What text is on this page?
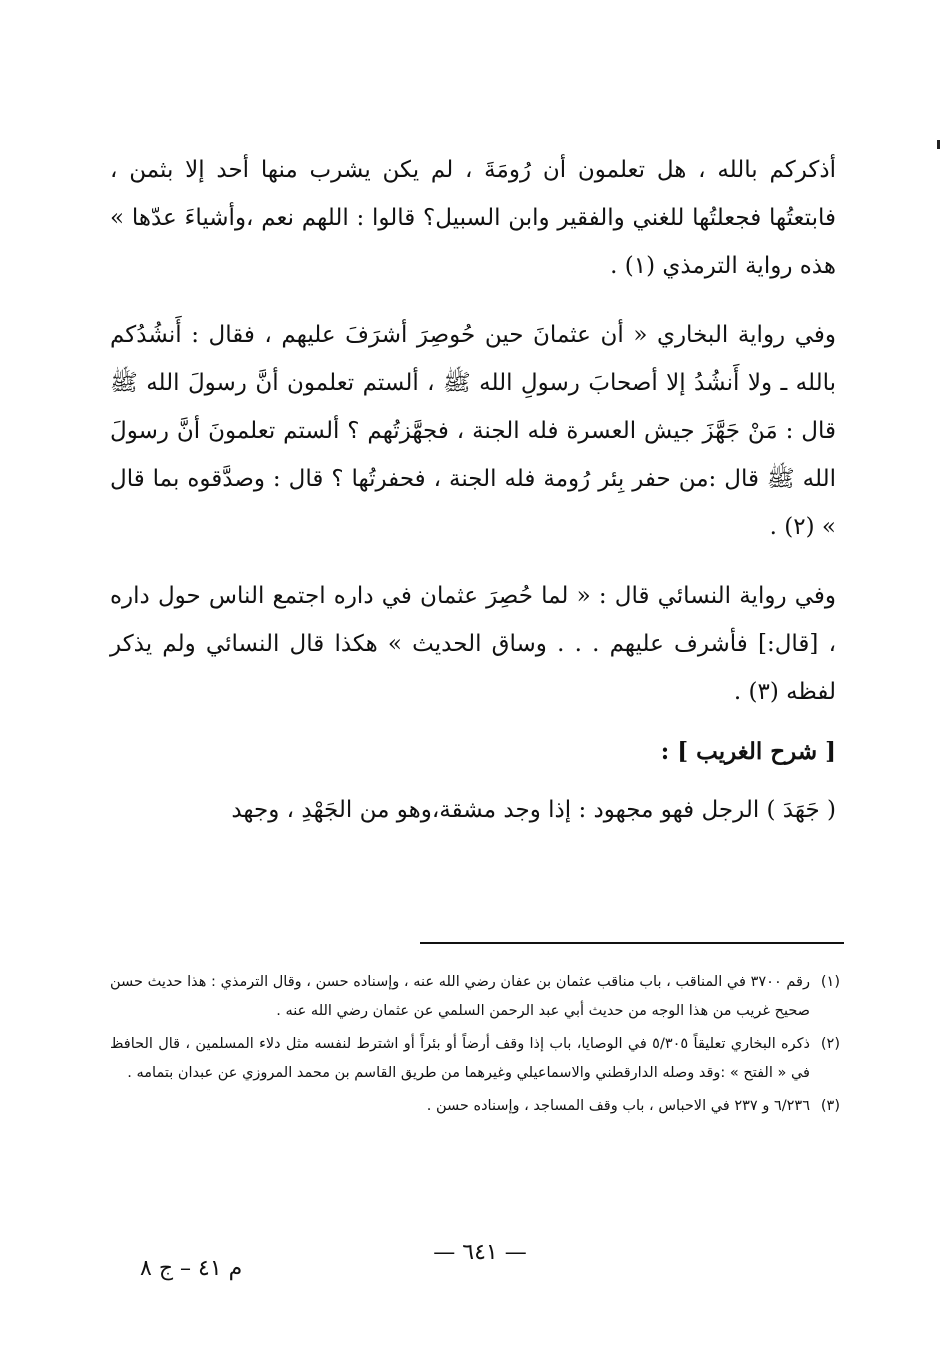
أذكركم بالله ، هل تعلمون أن رُومَةَ ، لم يكن يشرب منها أحد إلا بثمن ، فابتعتُها فجعلتُها للغني والفقير وابن السبيل؟ قالوا : اللهم نعم ،وأشياءَ عدّها » هذه رواية الترمذي (١) .

وفي رواية البخاري « أن عثمانَ حين حُوصِرَ أشرَفَ عليهم ، فقال : أَنشُدُكم بالله ـ ولا أَنشُدُ إلا أصحابَ رسولِ الله ﷺ ، ألستم تعلمون أنَّ رسولَ الله ﷺ قال : مَنْ جَهَّزَ جيش العسرة فله الجنة ، فجهَّزتُهم ؟ ألستم تعلمونَ أنَّ رسولَ الله ﷺ قال :من حفر بِئر رُومة فله الجنة ، فحفرتُها ؟ قال : وصدَّقوه بما قال » (٢) .

وفي رواية النسائي قال : « لما حُصِرَ عثمان في داره اجتمع الناس حول داره ، [قال:] فأشرف عليهم . . . وساق الحديث » هكذا قال النسائي ولم يذكر لفظه (٣) .

[ شرح الغريب ] :

( جَهَدَ ) الرجل فهو مجهود : إذا وجد مشقة،وهو من الجَهْدِ ، وجهد

(١)
رقم ٣٧٠٠ في المناقب ، باب مناقب عثمان بن عفان رضي الله عنه ، وإسناده حسن ، وقال الترمذي : هذا حديث حسن صحيح غريب من هذا الوجه من حديث أبي عبد الرحمن السلمي عن عثمان رضي الله عنه .

(٢)
ذكره البخاري تعليقاً ٥/٣٠٥ في الوصايا، باب إذا وقف أرضاً أو بئراً أو اشترط لنفسه مثل دلاء المسلمين ، قال الحافظ في « الفتح » :وقد وصله الدارقطني والاسماعيلي وغيرهما من طريق القاسم بن محمد المروزي عن عبدان بتمامه .

(٣)
٦/٢٣٦ و ٢٣٧ في الاحباس ، باب وقف المساجد ، وإسناده حسن .

— ٦٤١ —
م ٤١ – ج ٨
